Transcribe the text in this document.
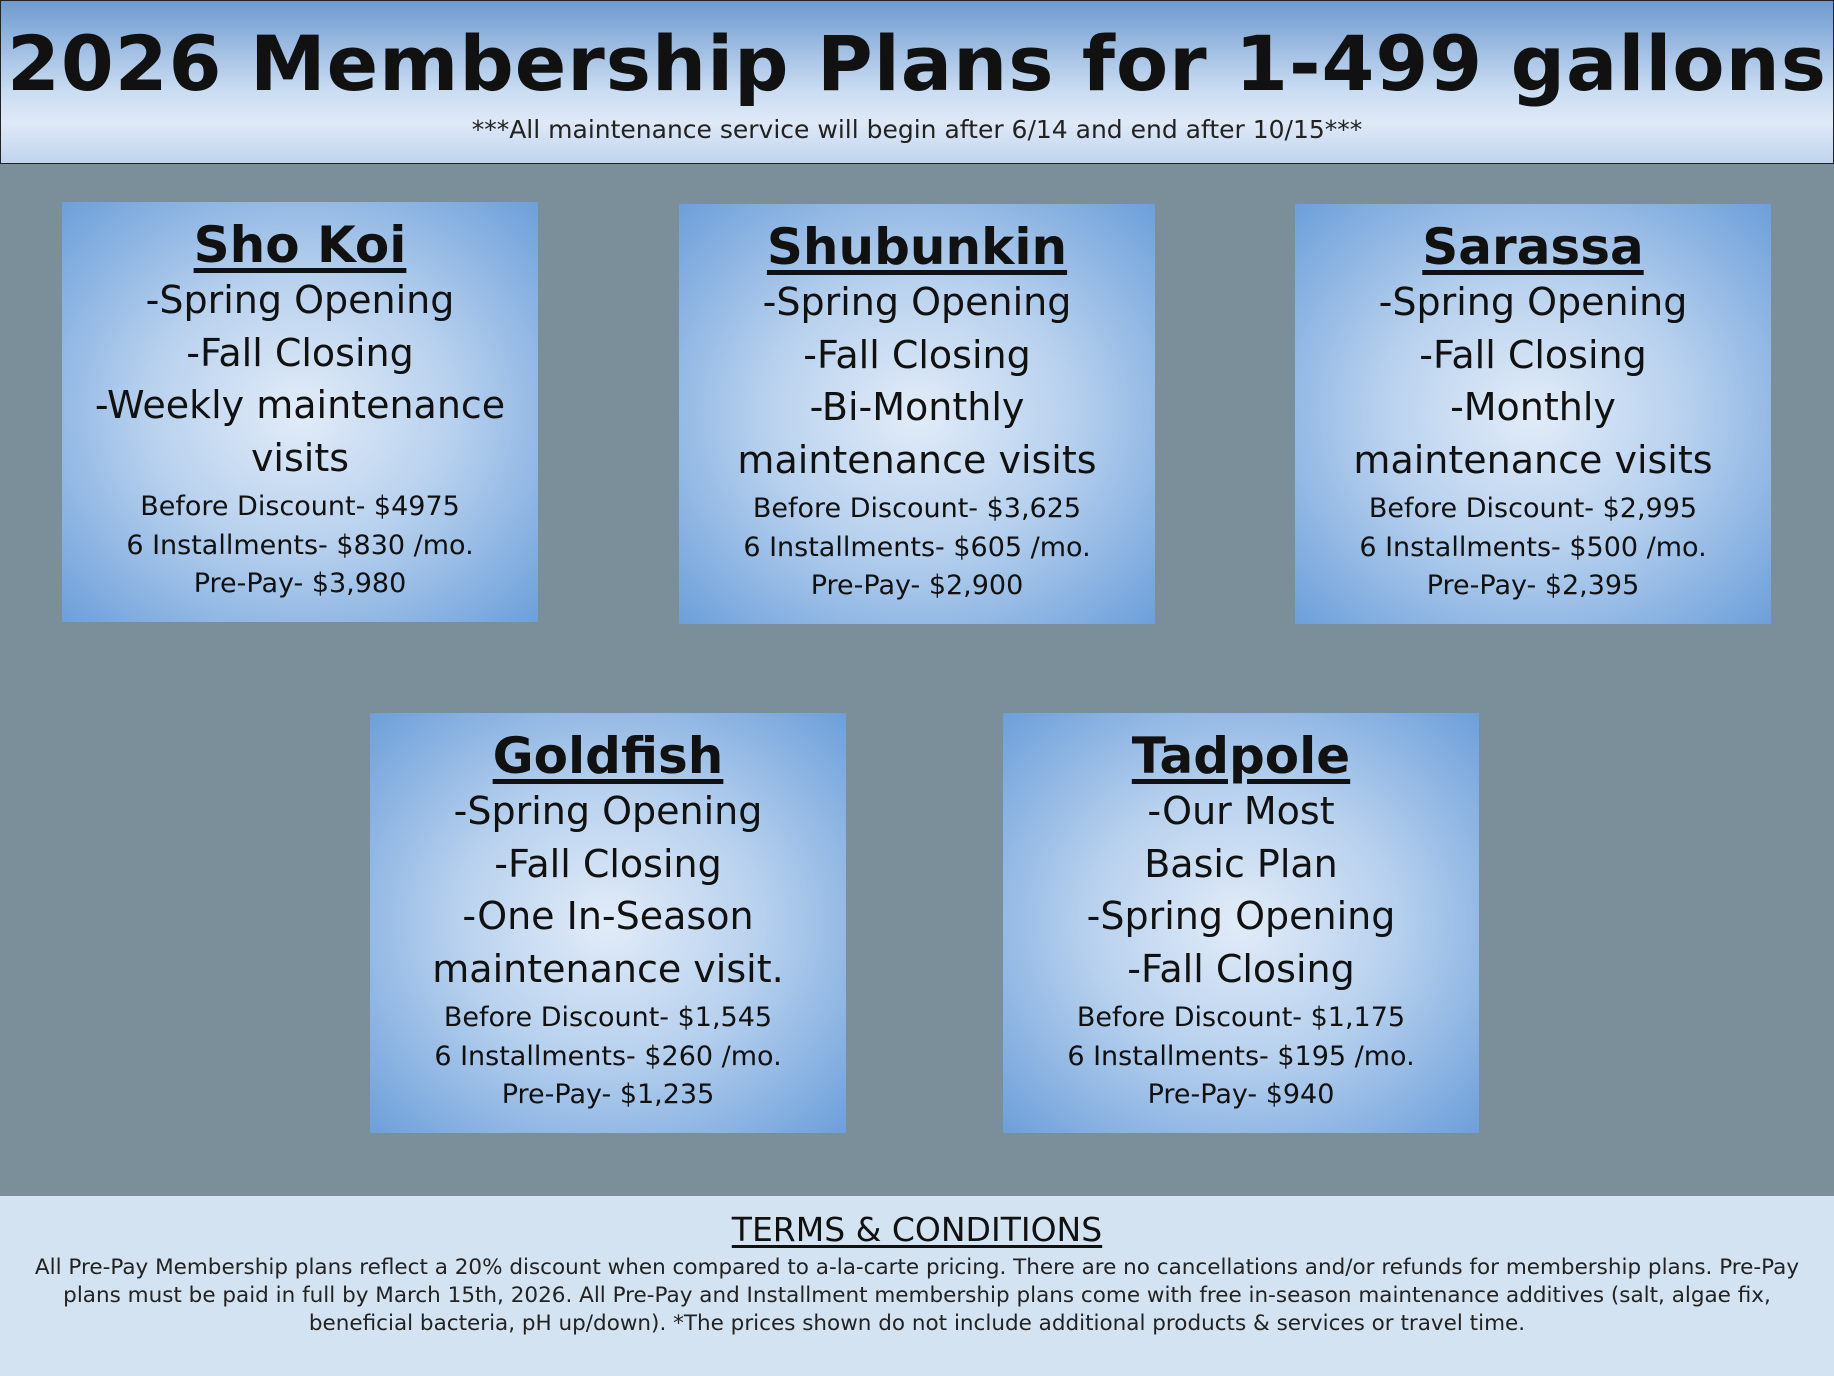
2026 Membership Plans for 1-499 gallons
***All maintenance service will begin after 6/14 and end after 10/15***
Sho Koi
-Spring Opening
-Fall Closing
-Weekly maintenance
visits
Before Discount- $4975
6 Installments- $830 /mo.
Pre-Pay- $3,980
Shubunkin
-Spring Opening
-Fall Closing
-Bi-Monthly
maintenance visits
Before Discount- $3,625
6 Installments- $605 /mo.
Pre-Pay- $2,900
Sarassa
-Spring Opening
-Fall Closing
-Monthly
maintenance visits
Before Discount- $2,995
6 Installments- $500 /mo.
Pre-Pay- $2,395
Goldfish
-Spring Opening
-Fall Closing
-One In-Season
maintenance visit.
Before Discount- $1,545
6 Installments- $260 /mo.
Pre-Pay- $1,235
Tadpole
-Our Most
Basic Plan
-Spring Opening
-Fall Closing
Before Discount- $1,175
6 Installments- $195 /mo.
Pre-Pay- $940
TERMS & CONDITIONS
All Pre-Pay Membership plans reflect a 20% discount when compared to a-la-carte pricing. There are no cancellations and/or refunds for membership plans. Pre-Pay plans must be paid in full by March 15th, 2026. All Pre-Pay and Installment membership plans come with free in-season maintenance additives (salt, algae fix, beneficial bacteria, pH up/down). *The prices shown do not include additional products & services or travel time.
